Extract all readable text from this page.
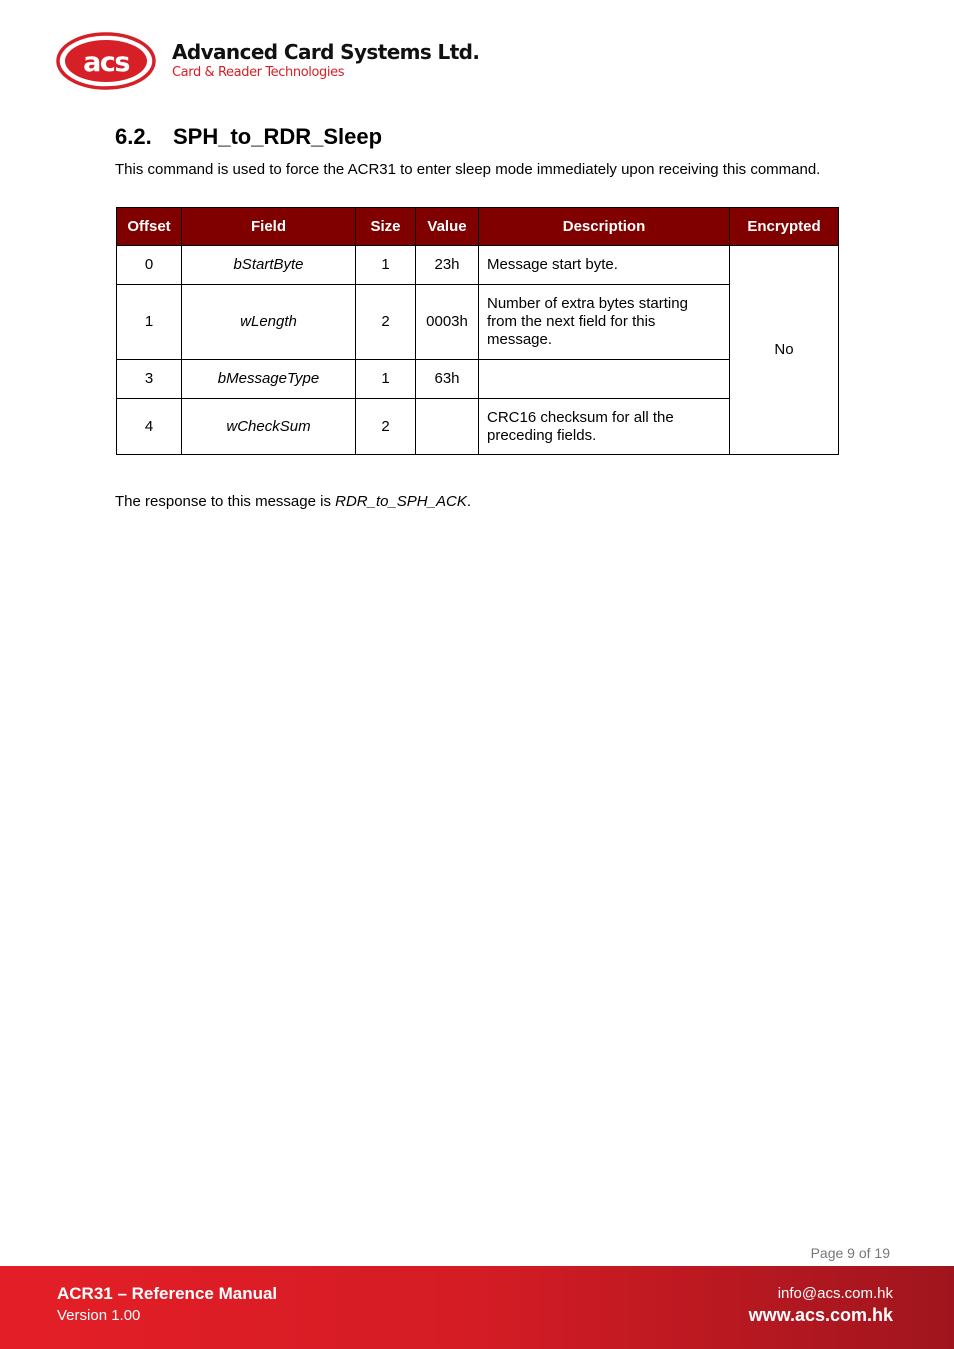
acs Advanced Card Systems Ltd.
Card & Reader Technologies
6.2. SPH_to_RDR_Sleep

This command is used to force the ACR31 to enter sleep mode immediately upon receiving this command.

Offset	Field	Size	Value	Description	Encrypted
0	bStartByte	1	23h	Message start byte.	No
1	wLength	2	0003h	Number of extra bytes starting from the next field for this message.	
3	bMessageType	1	63h		
4	wCheckSum	2		CRC16 checksum for all the preceding fields.	

The response to this message is RDR_to_SPH_ACK.

Page 9 of 19
ACR31 – Reference Manual
Version 1.00
info@acs.com.hk
www.acs.com.hk
